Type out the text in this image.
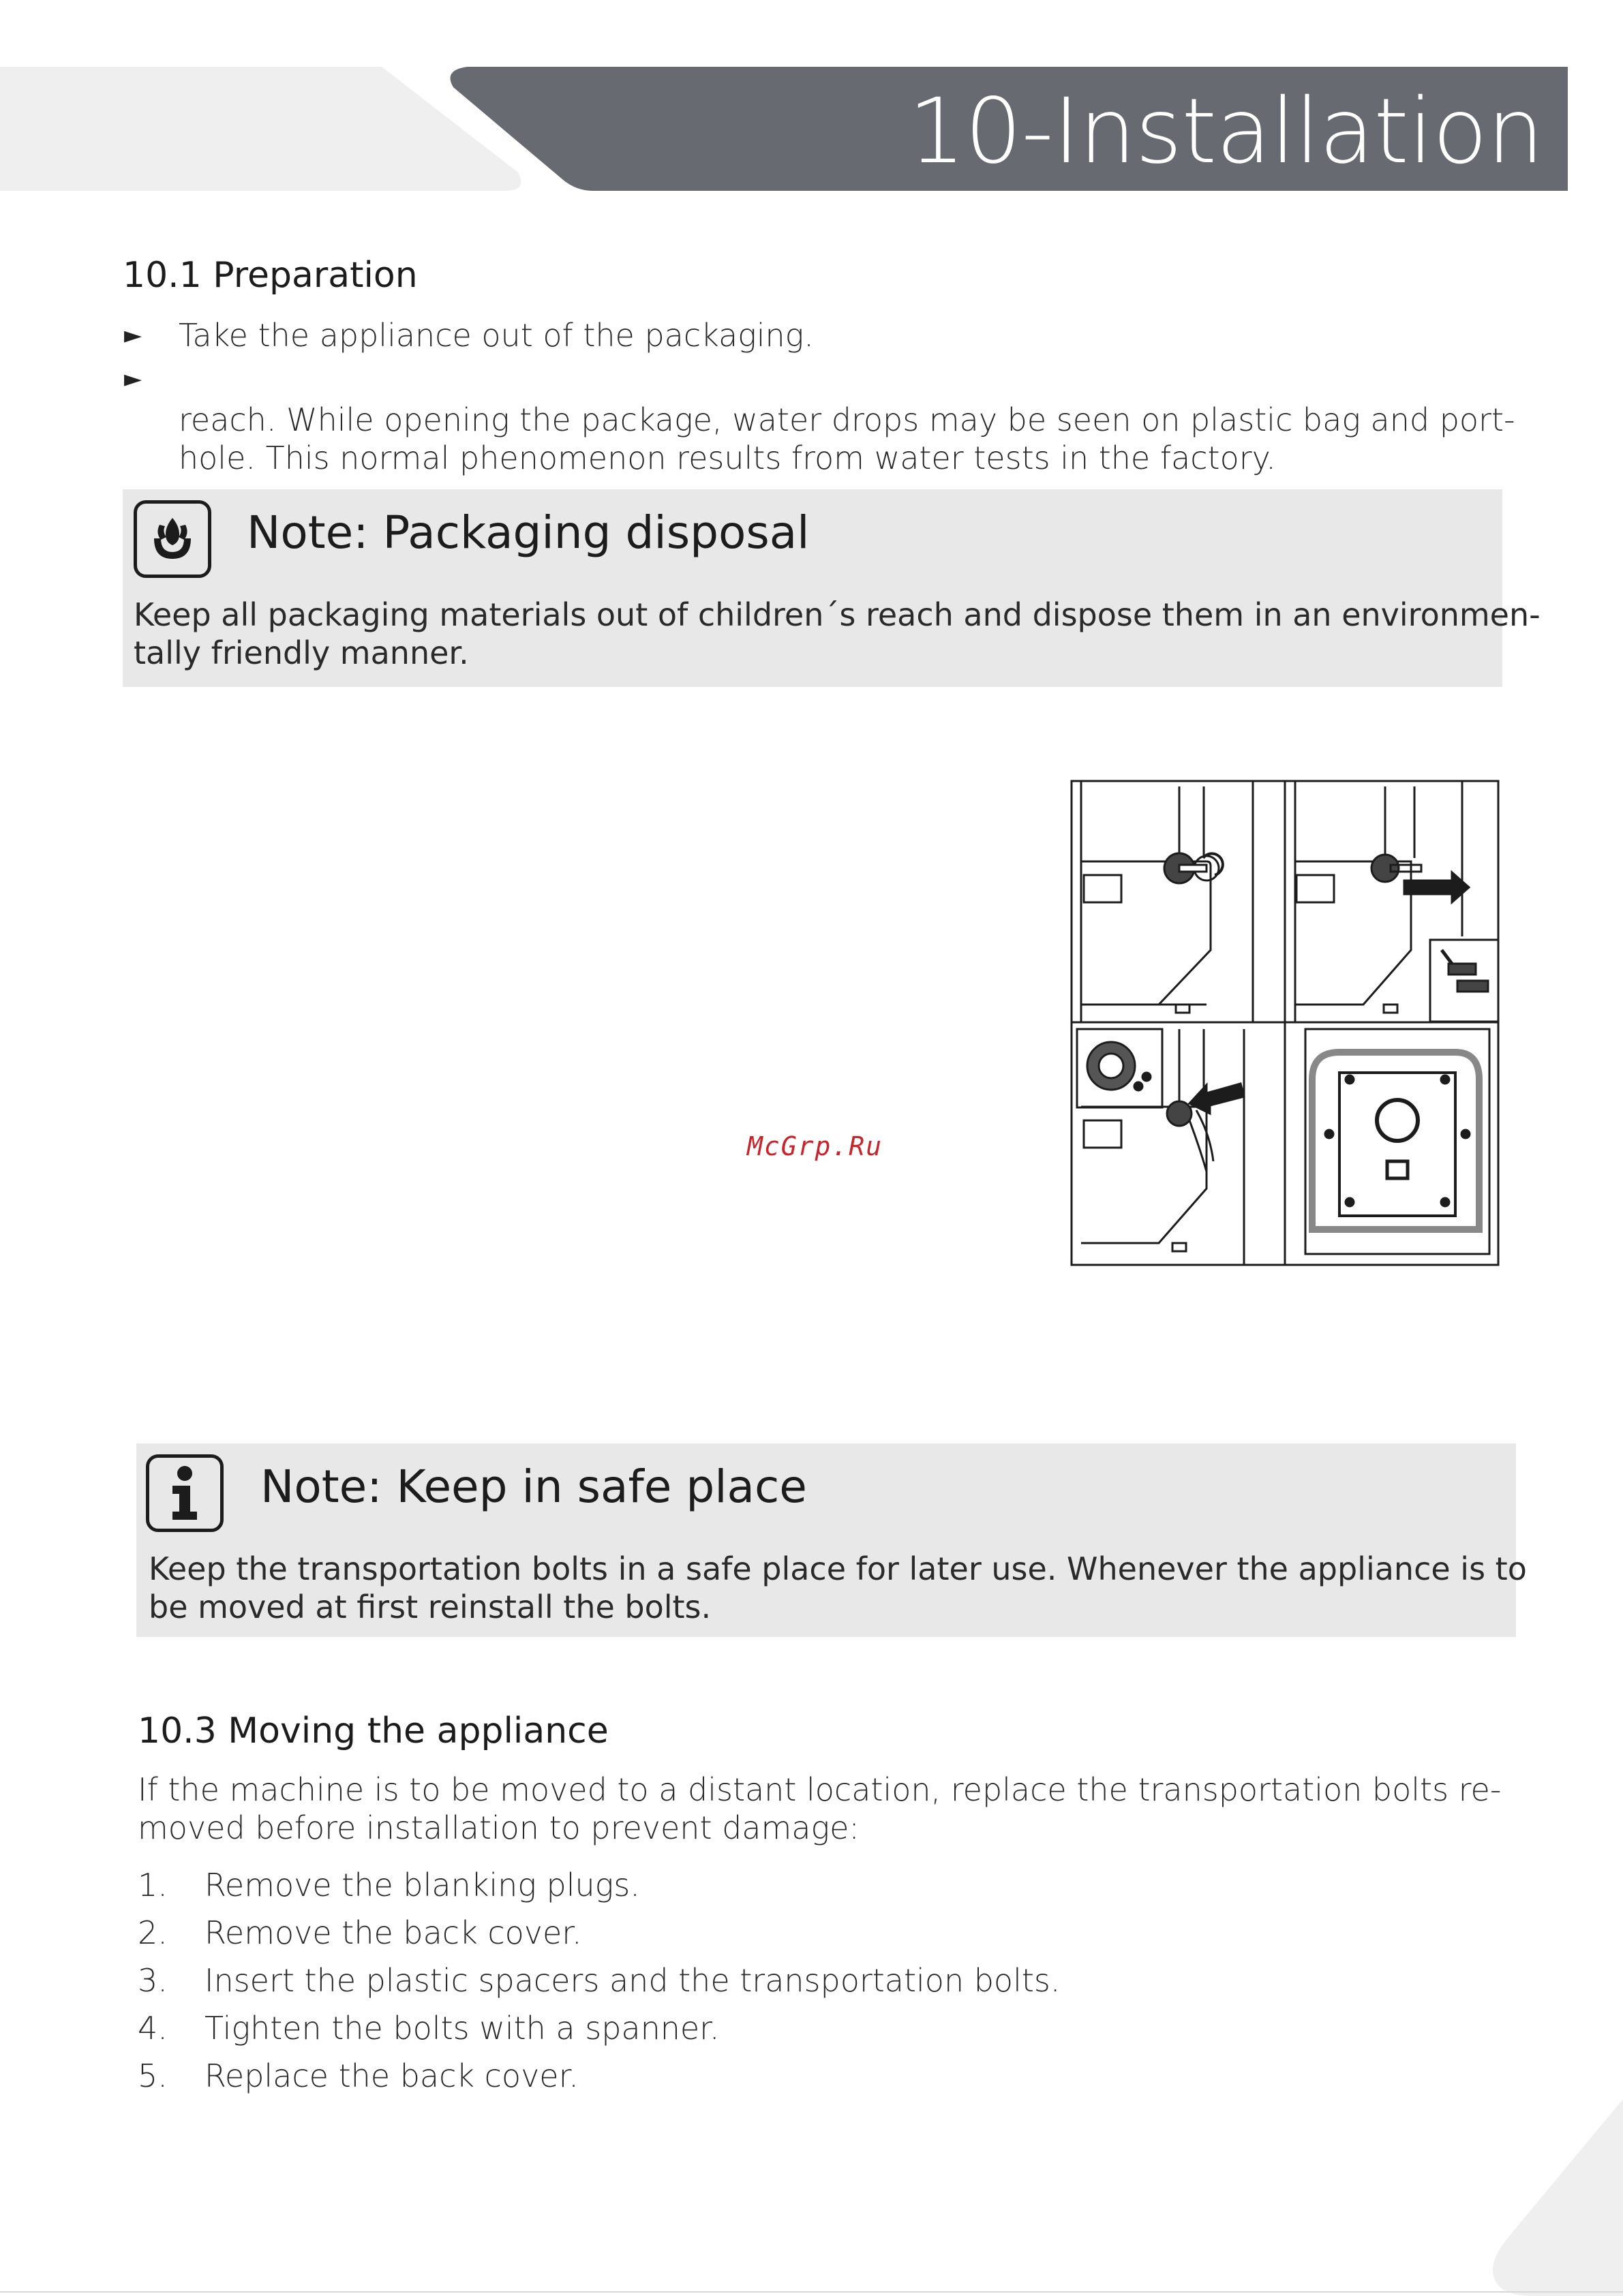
10-Installation
10.1 Preparation
► Take the appliance out of the packaging.
►
reach. While opening the package, water drops may be seen on plastic bag and port-
hole. This normal phenomenon results from water tests in the factory.
Note: Packaging disposal
Keep all packaging materials out of children´s reach and dispose them in an environmen-
tally friendly manner.
McGrp.Ru
Note: Keep in safe place
Keep the transportation bolts in a safe place for later use. Whenever the appliance is to
be moved at first reinstall the bolts.
10.3 Moving the appliance
If the machine is to be moved to a distant location, replace the transportation bolts re-
moved before installation to prevent damage:
1.	Remove the blanking plugs.
2.	Remove the back cover.
3.	Insert the plastic spacers and the transportation bolts.
4.	Tighten the bolts with a spanner.
5.	Replace the back cover.
